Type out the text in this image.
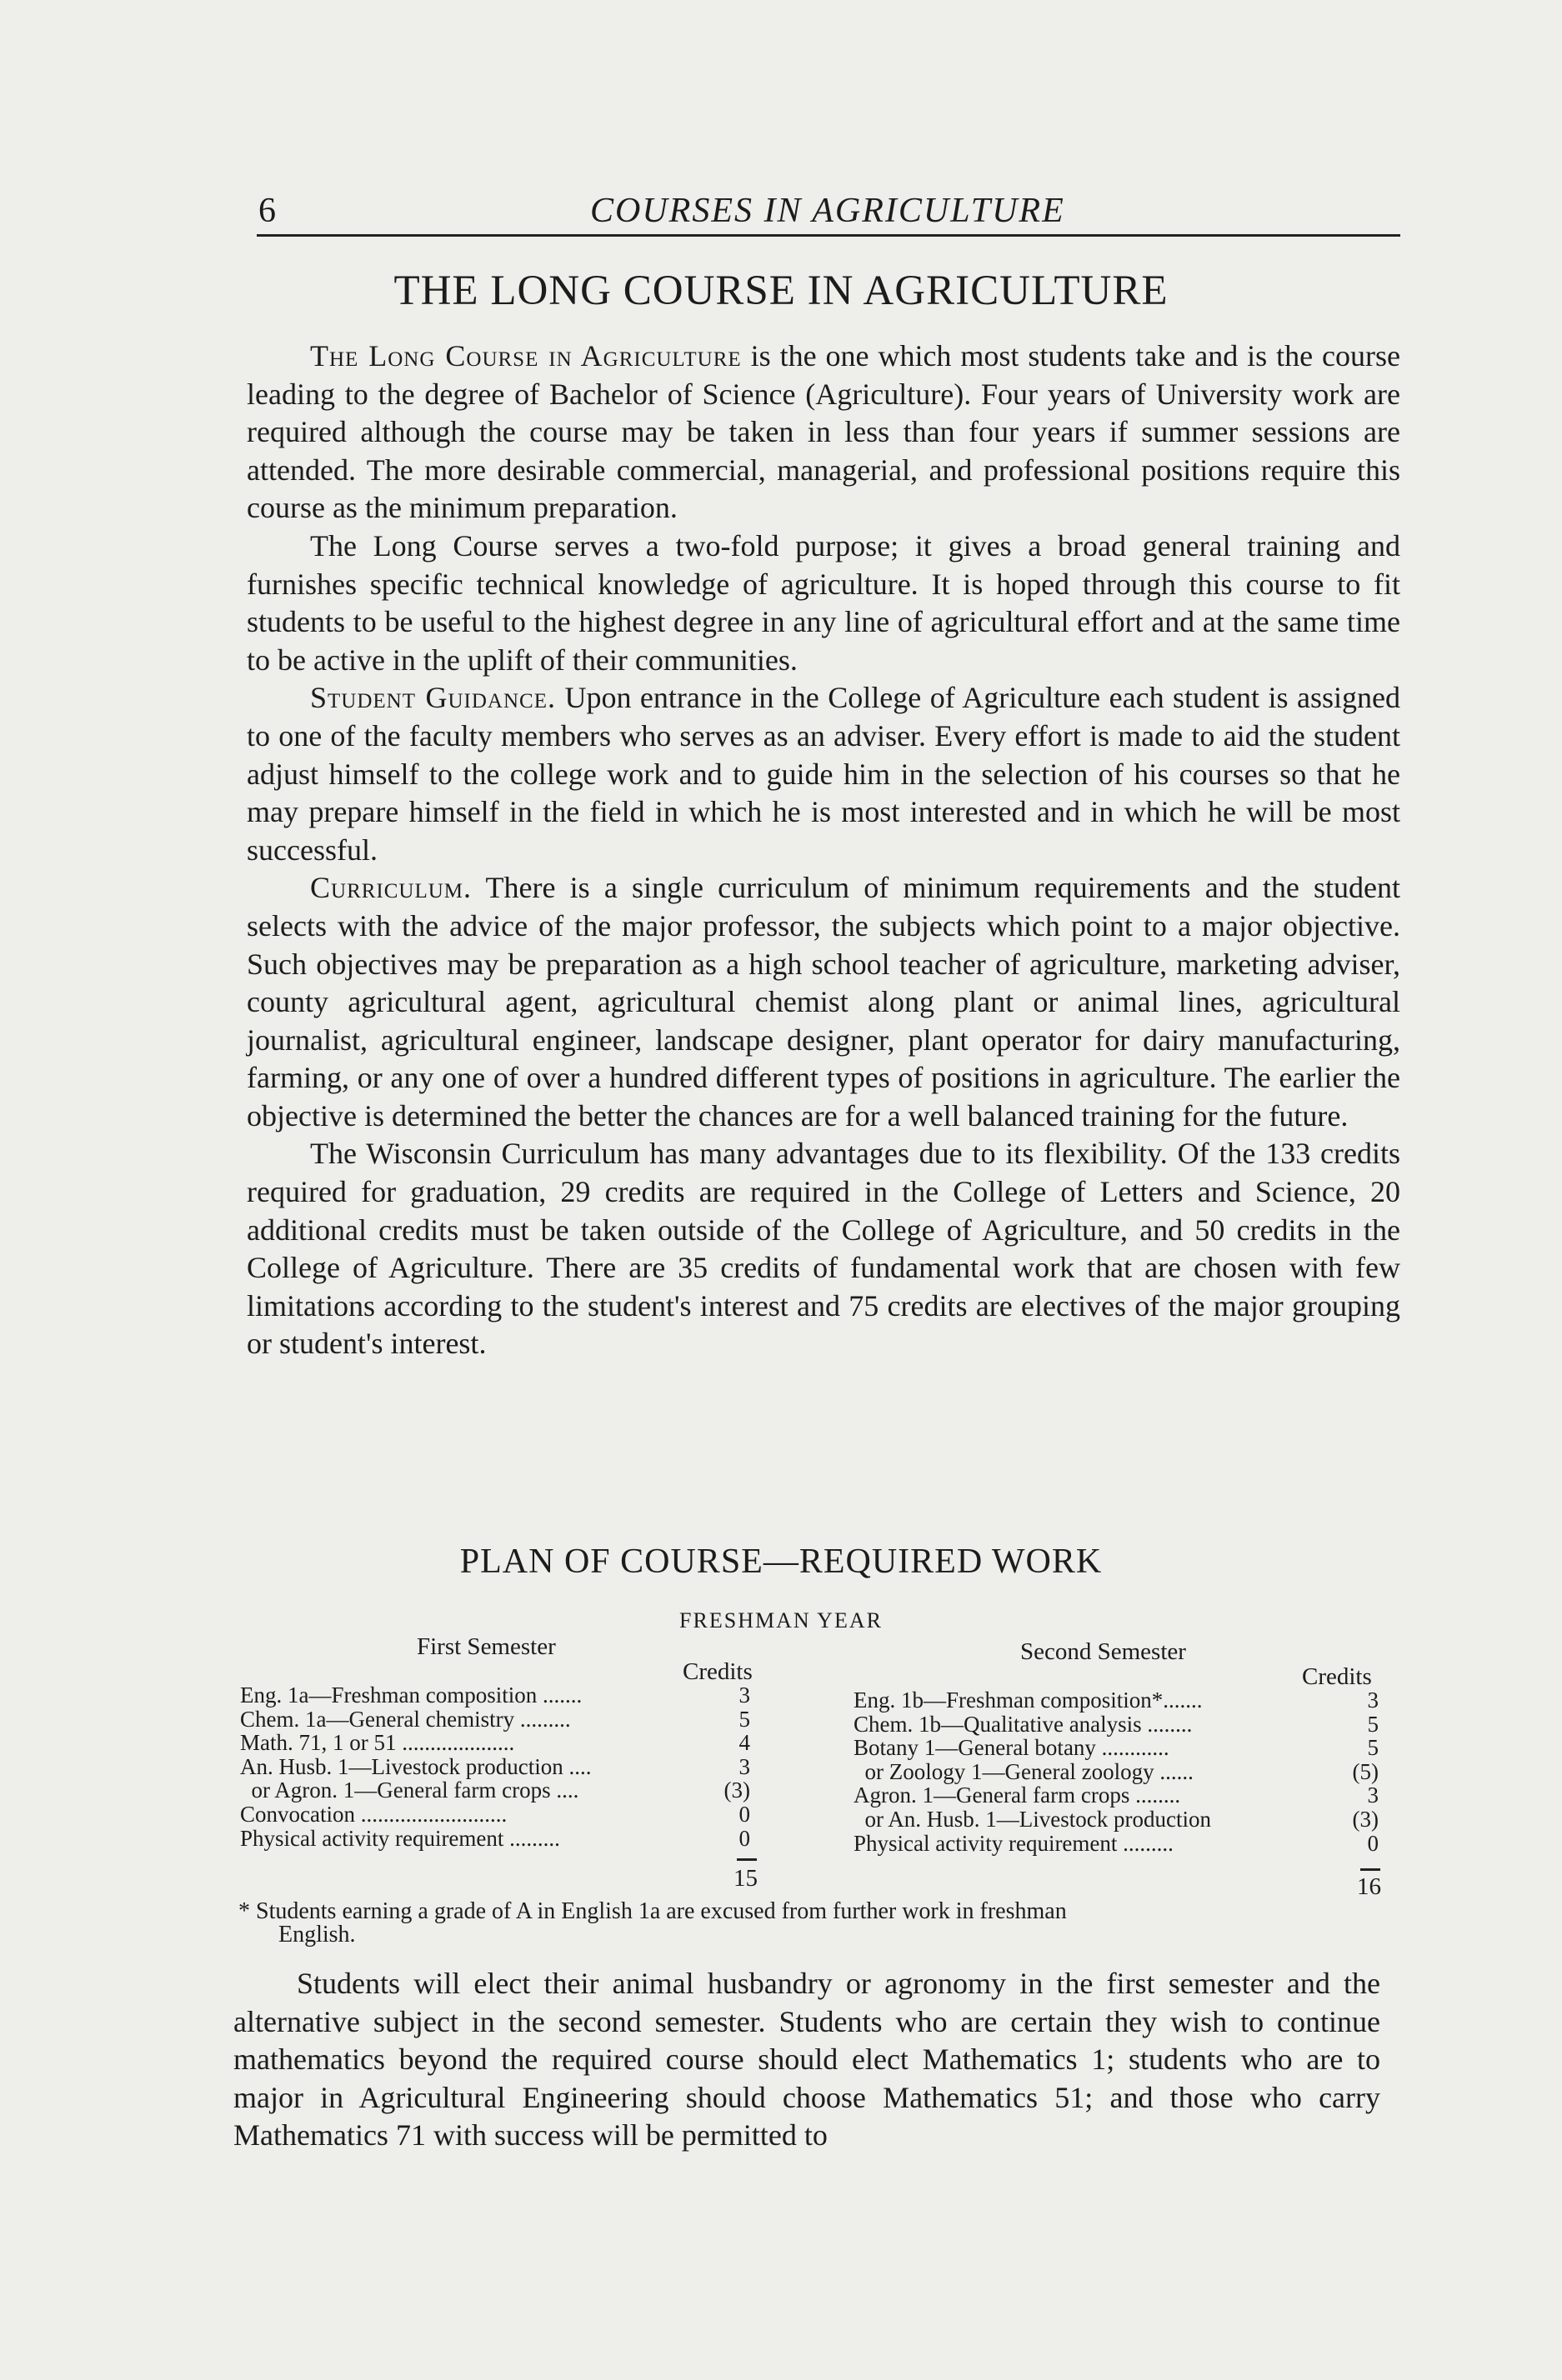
6	COURSES IN AGRICULTURE
THE LONG COURSE IN AGRICULTURE

The Long Course in Agriculture is the one which most students take and is the course leading to the degree of Bachelor of Science (Agriculture). Four years of University work are required although the course may be taken in less than four years if summer sessions are attended. The more desirable commercial, managerial, and professional positions require this course as the minimum preparation.

The Long Course serves a two-fold purpose; it gives a broad general training and furnishes specific technical knowledge of agriculture. It is hoped through this course to fit students to be useful to the highest degree in any line of agricultural effort and at the same time to be active in the uplift of their communities.

Student Guidance. Upon entrance in the College of Agriculture each student is assigned to one of the faculty members who serves as an adviser. Every effort is made to aid the student adjust himself to the college work and to guide him in the selection of his courses so that he may prepare himself in the field in which he is most interested and in which he will be most successful.

Curriculum. There is a single curriculum of minimum requirements and the student selects with the advice of the major professor, the subjects which point to a major objective. Such objectives may be preparation as a high school teacher of agriculture, marketing adviser, county agricultural agent, agricultural chemist along plant or animal lines, agricultural journalist, agricultural engineer, landscape designer, plant operator for dairy manufacturing, farming, or any one of over a hundred different types of positions in agriculture. The earlier the objective is determined the better the chances are for a well balanced training for the future.

The Wisconsin Curriculum has many advantages due to its flexibility. Of the 133 credits required for graduation, 29 credits are required in the College of Letters and Science, 20 additional credits must be taken outside of the College of Agriculture, and 50 credits in the College of Agriculture. There are 35 credits of fundamental work that are chosen with few limitations according to the student's interest and 75 credits are electives of the major grouping or student's interest.

PLAN OF COURSE—REQUIRED WORK
FRESHMAN YEAR
First Semester
Credits
Eng. 1a—Freshman composition .......	3
Chem. 1a—General chemistry .........	5
Math. 71, 1 or 51 ....................	4
An. Husb. 1—Livestock production ....	3
or Agron. 1—General farm crops ....	(3)
Convocation ..........................	0
Physical activity requirement .........	0
15
Second Semester
Credits
Eng. 1b—Freshman composition*.......	3
Chem. 1b—Qualitative analysis ........	5
Botany 1—General botany ............	5
or Zoology 1—General zoology ......	(5)
Agron. 1—General farm crops ........	3
or An. Husb. 1—Livestock production	(3)
Physical activity requirement .........	0
16
* Students earning a grade of A in English 1a are excused from further work in freshman
English.

Students will elect their animal husbandry or agronomy in the first semester and the alternative subject in the second semester. Students who are certain they wish to continue mathematics beyond the required course should elect Mathematics 1; students who are to major in Agricultural Engineering should choose Mathematics 51; and those who carry Mathematics 71 with success will be permitted to
